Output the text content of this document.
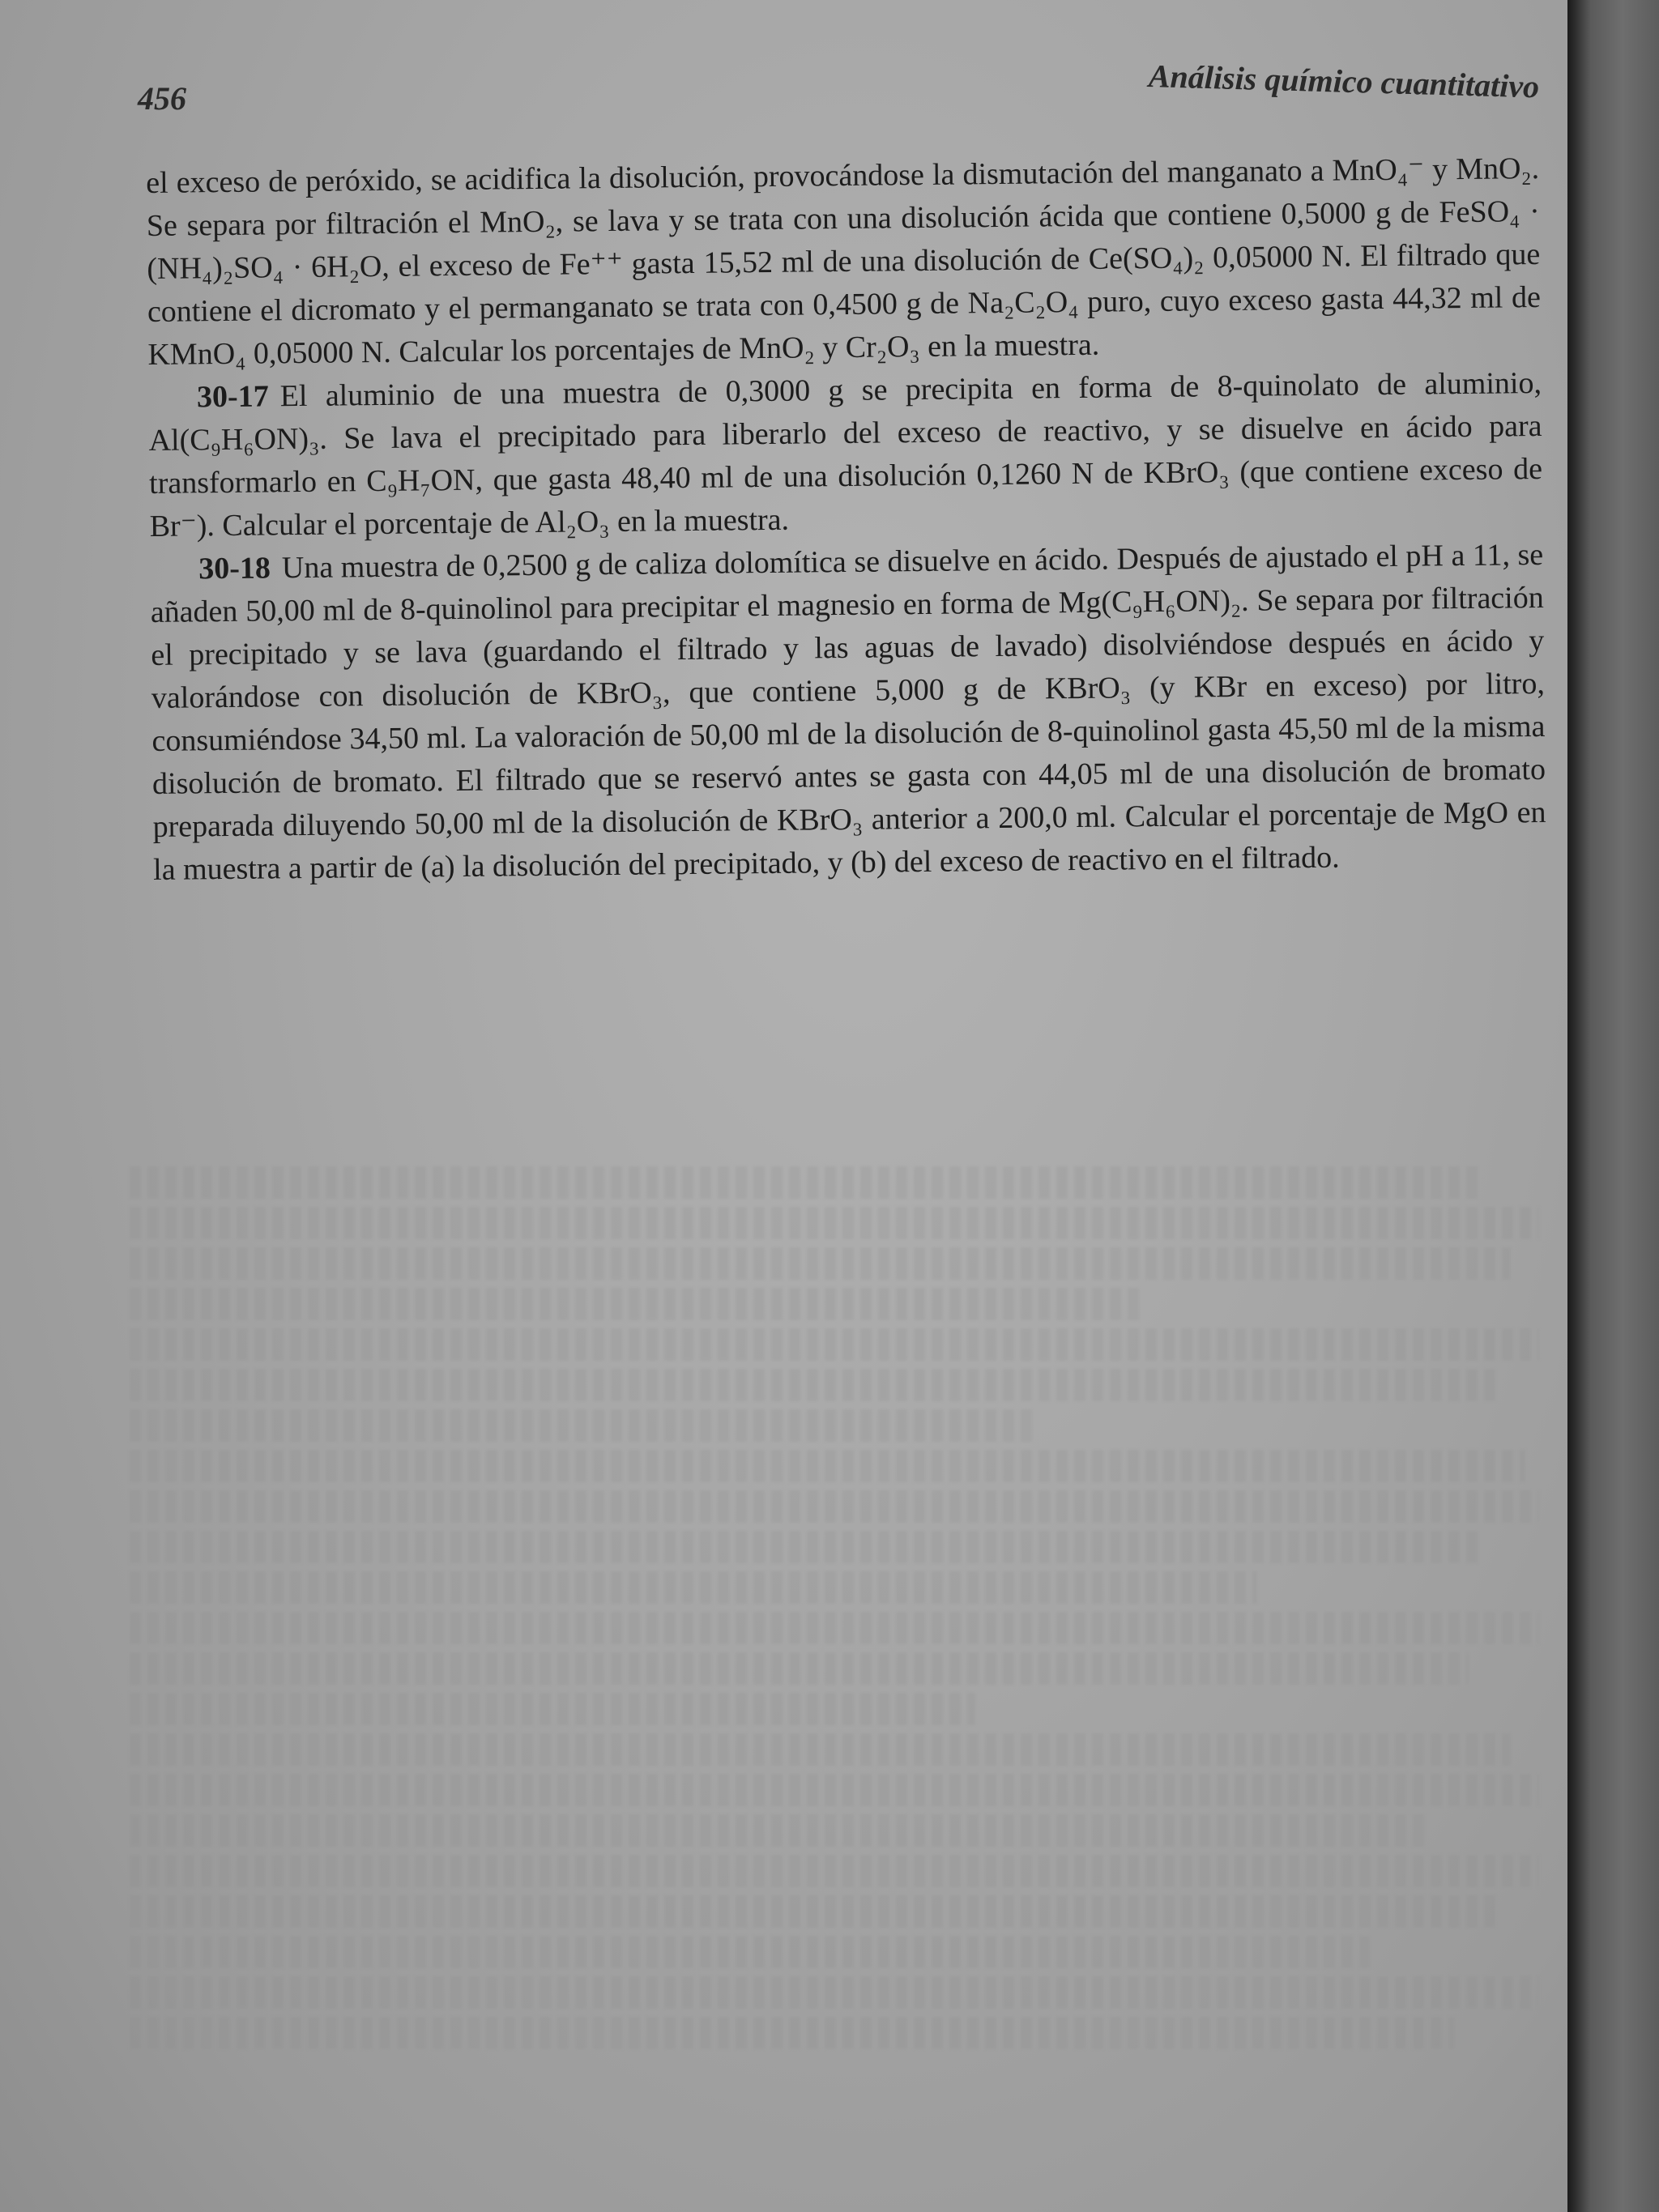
456	Análisis químico cuantitativo

el exceso de peróxido, se acidifica la disolución, provocándose la dismutación del manganato a MnO₄⁻ y MnO₂. Se separa por filtración el MnO₂, se lava y se trata con una disolución ácida que contiene 0,5000 g de FeSO₄ · (NH₄)₂SO₄ · 6H₂O, el exceso de Fe⁺⁺ gasta 15,52 ml de una disolución de Ce(SO₄)₂ 0,05000 N. El filtrado que contiene el dicromato y el permanganato se trata con 0,4500 g de Na₂C₂O₄ puro, cuyo exceso gasta 44,32 ml de KMnO₄ 0,05000 N. Calcular los porcentajes de MnO₂ y Cr₂O₃ en la muestra.

30-17 El aluminio de una muestra de 0,3000 g se precipita en forma de 8-quinolato de aluminio, Al(C₉H₆ON)₃. Se lava el precipitado para liberarlo del exceso de reactivo, y se disuelve en ácido para transformarlo en C₉H₇ON, que gasta 48,40 ml de una disolución 0,1260 N de KBrO₃ (que contiene exceso de Br⁻). Calcular el porcentaje de Al₂O₃ en la muestra.

30-18 Una muestra de 0,2500 g de caliza dolomítica se disuelve en ácido. Después de ajustado el pH a 11, se añaden 50,00 ml de 8-quinolinol para precipitar el magnesio en forma de Mg(C₉H₆ON)₂. Se separa por filtración el precipitado y se lava (guardando el filtrado y las aguas de lavado) disolviéndose después en ácido y valorándose con disolución de KBrO₃, que contiene 5,000 g de KBrO₃ (y KBr en exceso) por litro, consumiéndose 34,50 ml. La valoración de 50,00 ml de la disolución de 8-quinolinol gasta 45,50 ml de la misma disolución de bromato. El filtrado que se reservó antes se gasta con 44,05 ml de una disolución de bromato preparada diluyendo 50,00 ml de la disolución de KBrO₃ anterior a 200,0 ml. Calcular el porcentaje de MgO en la muestra a partir de (a) la disolución del precipitado, y (b) del exceso de reactivo en el filtrado.
